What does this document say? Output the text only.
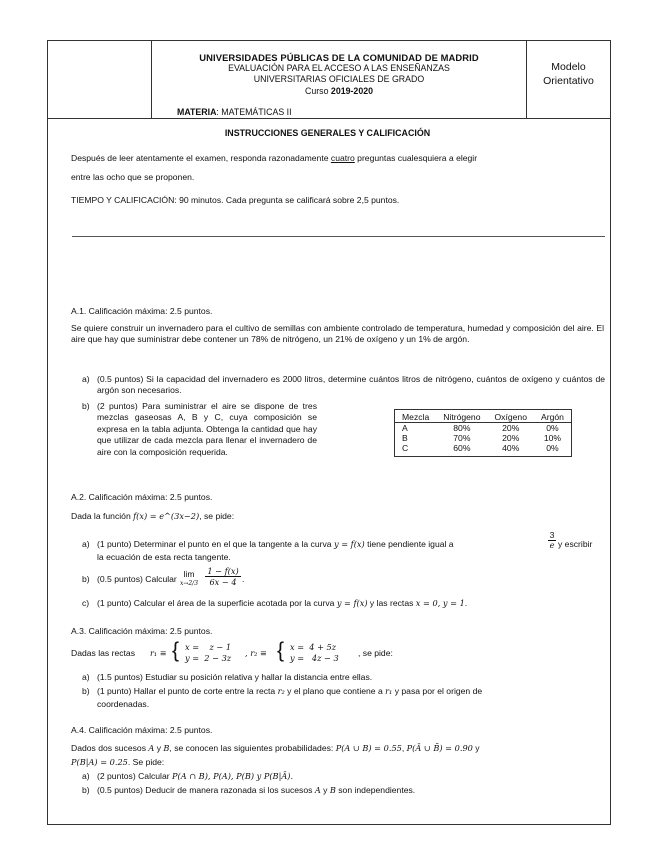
UNIVERSIDADES PÚBLICAS DE LA COMUNIDAD DE MADRID
EVALUACIÓN PARA EL ACCESO A LAS ENSEÑANZAS
UNIVERSITARIAS OFICIALES DE GRADO
Curso 2019-2020
MATERIA: MATEMÁTICAS II
Modelo
Orientativo
INSTRUCCIONES GENERALES Y CALIFICACIÓN
Después de leer atentamente el examen, responda razonadamente cuatro preguntas cualesquiera a elegir
entre las ocho que se proponen.
TIEMPO Y CALIFICACIÓN: 90 minutos. Cada pregunta se calificará sobre 2,5 puntos.
A.1. Calificación máxima: 2.5 puntos.
Se quiere construir un invernadero para el cultivo de semillas con ambiente controlado de temperatura, humedad y composición del aire. El aire que hay que suministrar debe contener un 78% de nitrógeno, un 21% de oxígeno y un 1% de argón.
a) (0.5 puntos) Si la capacidad del invernadero es 2000 litros, determine cuántos litros de nitrógeno, cuántos de oxígeno y cuántos de argón son necesarios.
b) (2 puntos) Para suministrar el aire se dispone de tres mezclas gaseosas A, B y C, cuya composición se expresa en la tabla adjunta. Obtenga la cantidad que hay que utilizar de cada mezcla para llenar el invernadero de aire con la composición requerida.
Mezcla	Nitrógeno	Oxígeno	Argón
A	80%	20%	0%
B	70%	20%	10%
C	60%	40%	0%
A.2. Calificación máxima: 2.5 puntos.
Dada la función f(x) = e^(3x−2), se pide:
a) (1 punto) Determinar el punto en el que la tangente a la curva y = f(x) tiene pendiente igual a
3
e y escribir
la ecuación de esta recta tangente.
b) (0.5 puntos) Calcular lim
x→2/3
1 − f(x)
6x − 4 .
c) (1 punto) Calcular el área de la superficie acotada por la curva y = f(x) y las rectas x = 0, y = 1.
A.3. Calificación máxima: 2.5 puntos.
Dadas las rectas r₁ ≡ { x =    z − 1
y =  2 − 3z , r₂ ≡ { x =  4 + 5z
y =   4z − 3 , se pide:
a) (1.5 puntos) Estudiar su posición relativa y hallar la distancia entre ellas.
b) (1 punto) Hallar el punto de corte entre la recta r₂ y el plano que contiene a r₁ y pasa por el origen de
coordenadas.
A.4. Calificación máxima: 2.5 puntos.
Dados dos sucesos A y B, se conocen las siguientes probabilidades: P(A ∪ B) = 0.55, P(Ā ∪ B̄) = 0.90 y
P(B|A) = 0.25. Se pide:
a) (2 puntos) Calcular P(A ∩ B), P(A), P(B) y P(B|Ā).
b) (0.5 puntos) Deducir de manera razonada si los sucesos A y B son independientes.
